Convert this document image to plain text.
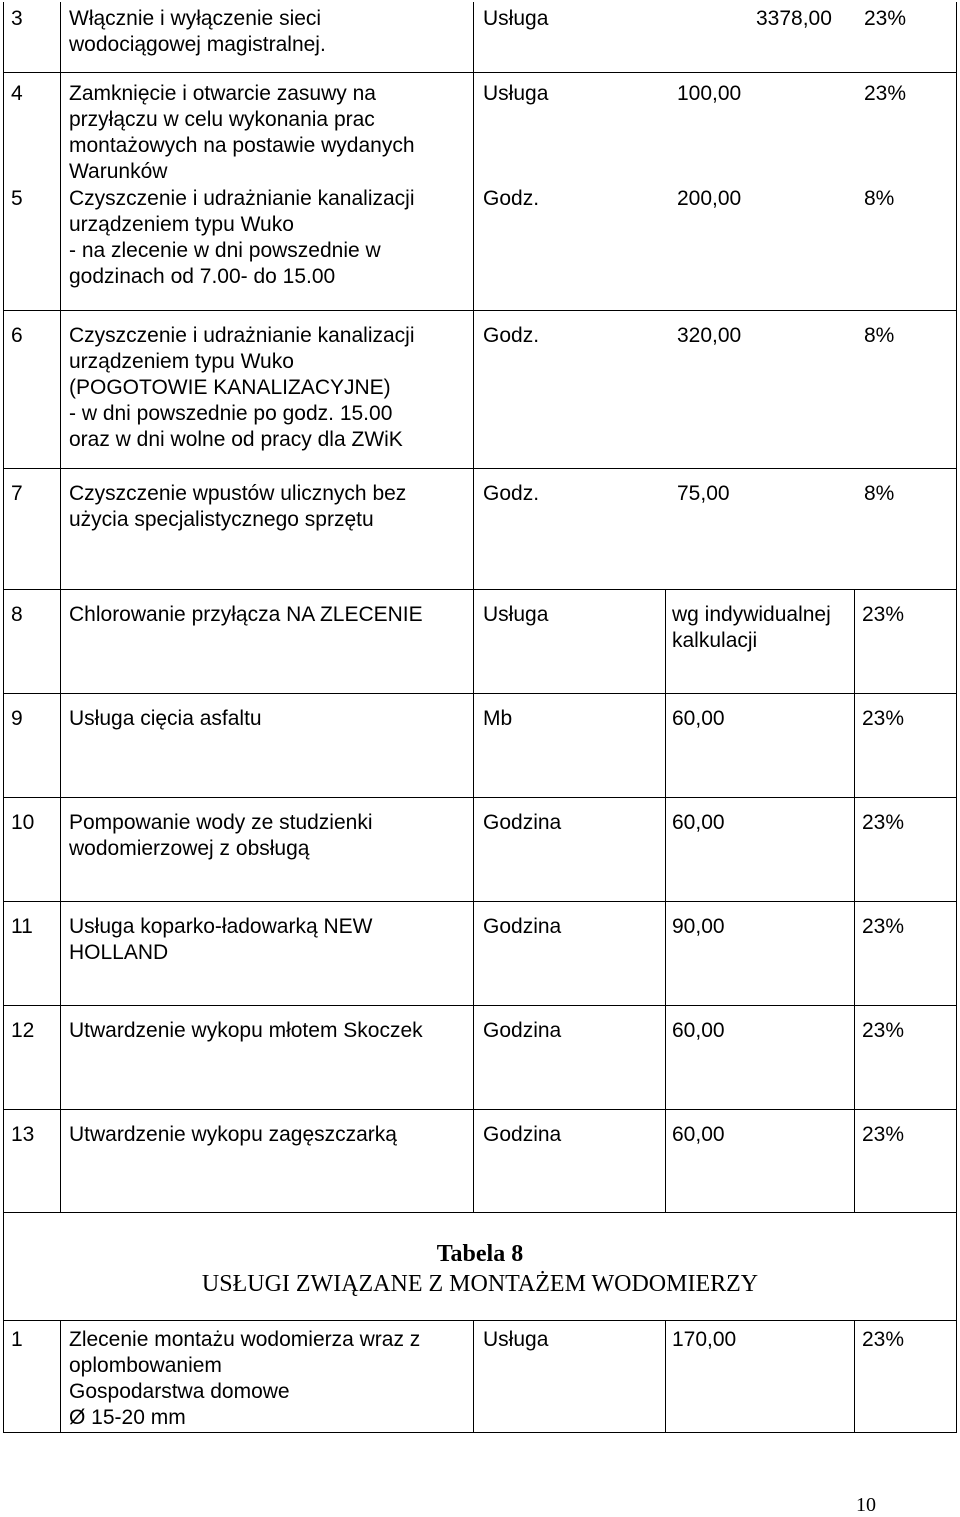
3 Włącznie i wyłączenie sieci
wodociągowej magistralnej.
Usługa	3378,00 23%
4 Zamknięcie i otwarcie zasuwy na
przyłączu w celu wykonania prac
montażowych na postawie wydanych
Warunków
Usługa	100,00	23%
5 Czyszczenie i udrażnianie kanalizacji
urządzeniem typu Wuko
- na zlecenie w dni powszednie w
godzinach od 7.00- do 15.00
Godz.	200,00	8%
6 Czyszczenie i udrażnianie kanalizacji
urządzeniem typu Wuko
(POGOTOWIE KANALIZACYJNE)
- w dni powszednie po godz. 15.00
oraz w dni wolne od pracy dla ZWiK
Godz.	320,00	8%
7 Czyszczenie wpustów ulicznych bez
użycia specjalistycznego sprzętu
Godz.	75,00	8%
8 Chlorowanie przyłącza NA ZLECENIE	Usługa	wg indywidualnej
kalkulacji
23%
9 Usługa cięcia asfaltu	Mb	60,00	23%
10 Pompowanie wody ze studzienki
wodomierzowej z obsługą
Godzina	60,00	23%
11 Usługa koparko-ładowarką NEW
HOLLAND
Godzina	90,00	23%
12 Utwardzenie wykopu młotem Skoczek	Godzina	60,00	23%
13 Utwardzenie wykopu zagęszczarką	Godzina	60,00	23%
Tabela 8
USŁUGI ZWIĄZANE Z MONTAŻEM WODOMIERZY
1 Zlecenie montażu wodomierza wraz z
oplombowaniem
Gospodarstwa domowe
Ø 15-20 mm
Usługa	170,00	23%
10
